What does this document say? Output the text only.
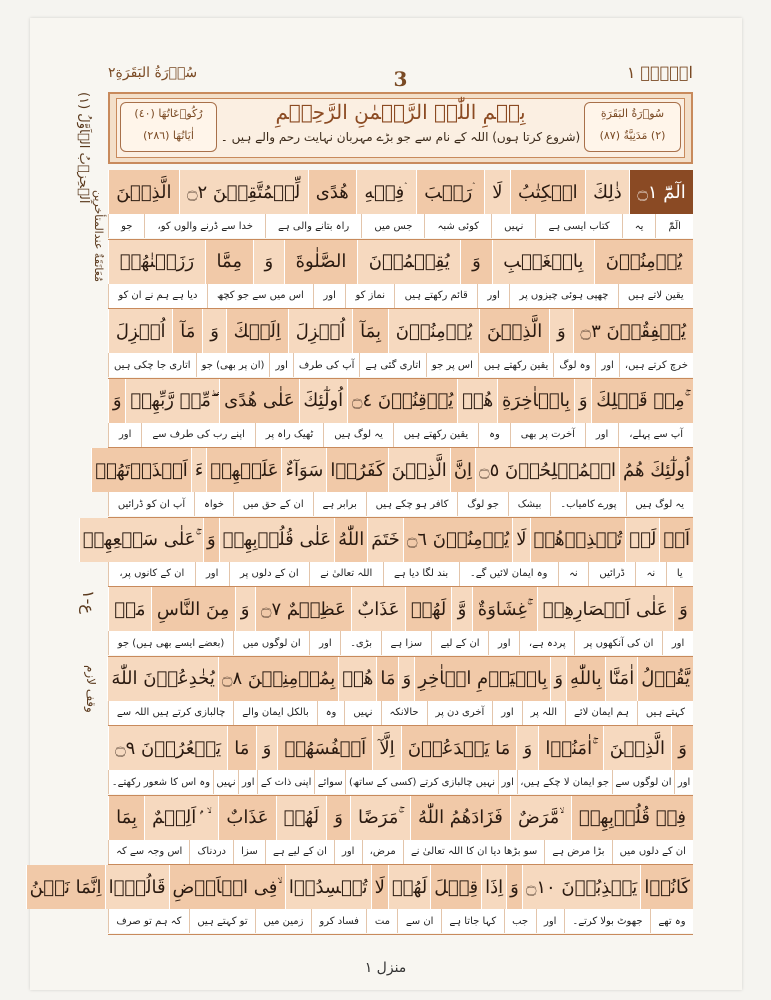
سُوۡرَةُ البَقَرَةِ٢	3	الۤمّۤ ١
سُوۡرَةُ البَقَرَةِ
(٢) مَدَنِيَّةٌ (٨٧)
رُکُوۡعَاتُهَا (٤٠)
اٰيَاتُهَا (٢٨٦)
بِسۡمِ اللّٰہِ الرَّحۡمٰنِ الرَّحِیۡمِ
(شروع کرتا ہوں) اللہ کے نام سے جو بڑے مہربان نہایت رحم والے ہیں ۔
اَلۡحِزۡبُ الۡاَوَّلُ (١)
مُعَانَقَةٌ عندالمتأخرين
ع-١
وقف لازم
الٓمّٓ ۝١
ذٰلِكَ
الۡكِتٰبُ
لَا
رَيۡبَ ۛ
فِيۡهِ ۛ
هُدًى
لِّلۡمُتَّقِيۡنَ ۝٢
الَّذِيۡنَ
الٓمّٓ
یہ
کتاب ایسی ہے
نہیں
کوئی شبہ
جس میں
راہ بتانے والی ہے
خدا سے ڈرنے والوں کو،
جو
يُؤۡمِنُوۡنَ
بِالۡغَيۡبِ
وَ
يُقِيۡمُوۡنَ
الصَّلٰوةَ
وَ
مِمَّا
رَزَقۡنٰهُمۡ
یقین لاتے ہیں
چھپی ہوئی چیزوں پر
اور
قائم رکھتے ہیں
نماز کو
اور
اس میں سے جو کچھ
دیا ہے ہم نے ان کو
يُنۡفِقُوۡنَ ۝٣
وَ
الَّذِيۡنَ
يُؤۡمِنُوۡنَ
بِمَآ
اُنۡزِلَ
اِلَيۡكَ
وَ
مَآ
اُنۡزِلَ
خرچ کرتے ہیں،
اور
وہ لوگ
یقین رکھتے ہیں
اس پر جو
اتاری گئی ہے
آپ کی طرف
اور
(ان پر بھی) جو
اتاری جا چکی ہیں
مِنۡ قَبۡلِكَ ۚ
وَ
بِالۡاٰخِرَةِ
هُمۡ
يُوۡقِنُوۡنَ ۝٤
اُولٰٓئِكَ
عَلٰى هُدًى
مِّنۡ رَّبِّهِمۡ ۖ
وَ
آپ سے پہلے،
اور
آخرت پر بھی
وہ
یقین رکھتے ہیں
یہ لوگ ہیں
ٹھیک راہ پر
اپنے رب کی طرف سے
اور
اُولٰٓئِكَ هُمُ
الۡمُفۡلِحُوۡنَ ۝٥
اِنَّ
الَّذِيۡنَ
كَفَرُوۡا
سَوَآءٌ
عَلَيۡهِمۡ
ءَ
اَنۡذَرۡتَهُمۡ
یہ لوگ ہیں
پورے کامیاب۔
بیشک
جو لوگ
کافر ہو چکے ہیں
برابر ہے
ان کے حق میں
خواہ
آپ ان کو ڈرائیں
اَمۡ
لَمۡ
تُنۡذِرۡهُمۡ
لَا
يُؤۡمِنُوۡنَ ۝٦
خَتَمَ
اللّٰهُ
عَلٰى قُلُوۡبِهِمۡ
وَ
عَلٰى سَمۡعِهِمۡ ۚ
یا
نہ
ڈرائیں
نہ
وہ ایمان لائیں گے۔
بند لگا دیا ہے
اللہ تعالیٰ نے
ان کے دلوں پر
اور
ان کے کانوں پر،
وَ
عَلٰى اَبۡصَارِهِمۡ
غِشَاوَةٌ ۚ
وَّ
لَهُمۡ
عَذَابٌ
عَظِيۡمٌ ۝٧
وَ
مِنَ النَّاسِ
مَنۡ
اور
ان کی آنکھوں پر
پردہ ہے،
اور
ان کے لیے
سزا ہے
بڑی۔
اور
ان لوگوں میں
(بعضے ایسے بھی ہیں) جو
يَّقُوۡلُ
اٰمَنَّا
بِاللّٰهِ
وَ
بِالۡيَوۡمِ الۡاٰخِرِ
وَ
مَا
هُمۡ
بِمُؤۡمِنِيۡنَ ۝٨
يُخٰدِعُوۡنَ اللّٰهَ
کہتے ہیں
ہم ایمان لائے
اللہ پر
اور
آخری دن پر
حالانکہ
نہیں
وہ
بالکل ایمان والے
چالبازی کرتے ہیں اللہ سے
وَ
الَّذِيۡنَ
اٰمَنُوۡا ۚ
وَ
مَا يَخۡدَعُوۡنَ
اِلَّآ
اَنۡفُسَهُمۡ
وَ
مَا
يَشۡعُرُوۡنَ ۝٩
اور
ان لوگوں سے
جو ایمان لا چکے ہیں،
اور
نہیں چالبازی کرتے (کسی کے ساتھ)
سوائے
اپنی ذات کے
اور
نہیں
وہ اس کا شعور رکھتے۔
فِىۡ قُلُوۡبِهِمۡ
مَّرَضٌ ۙ
فَزَادَهُمُ اللّٰهُ
مَرَضًا ۚ
وَ
لَهُمۡ
عَذَابٌ
اَلِيۡمٌ ۢ ۙ
بِمَا
ان کے دلوں میں
بڑا مرض ہے
سو بڑھا دیا ان کا اللہ تعالیٰ نے
مرض،
اور
ان کے لیے ہے
سزا
دردناک
اس وجہ سے کہ
كَانُوۡا
يَكۡذِبُوۡنَ ۝١٠
وَ
اِذَا
قِيۡلَ
لَهُمۡ
لَا
تُفۡسِدُوۡا
فِى الۡاَرۡضِ ۙ
قَالُوۡٓا
اِنَّمَا نَحۡنُ
وہ تھے
جھوٹ بولا کرتے۔
اور
جب
کہا جاتا ہے
ان سے
مت
فساد کرو
زمین میں
تو کہتے ہیں
کہ ہم تو صرف
منزل ١
